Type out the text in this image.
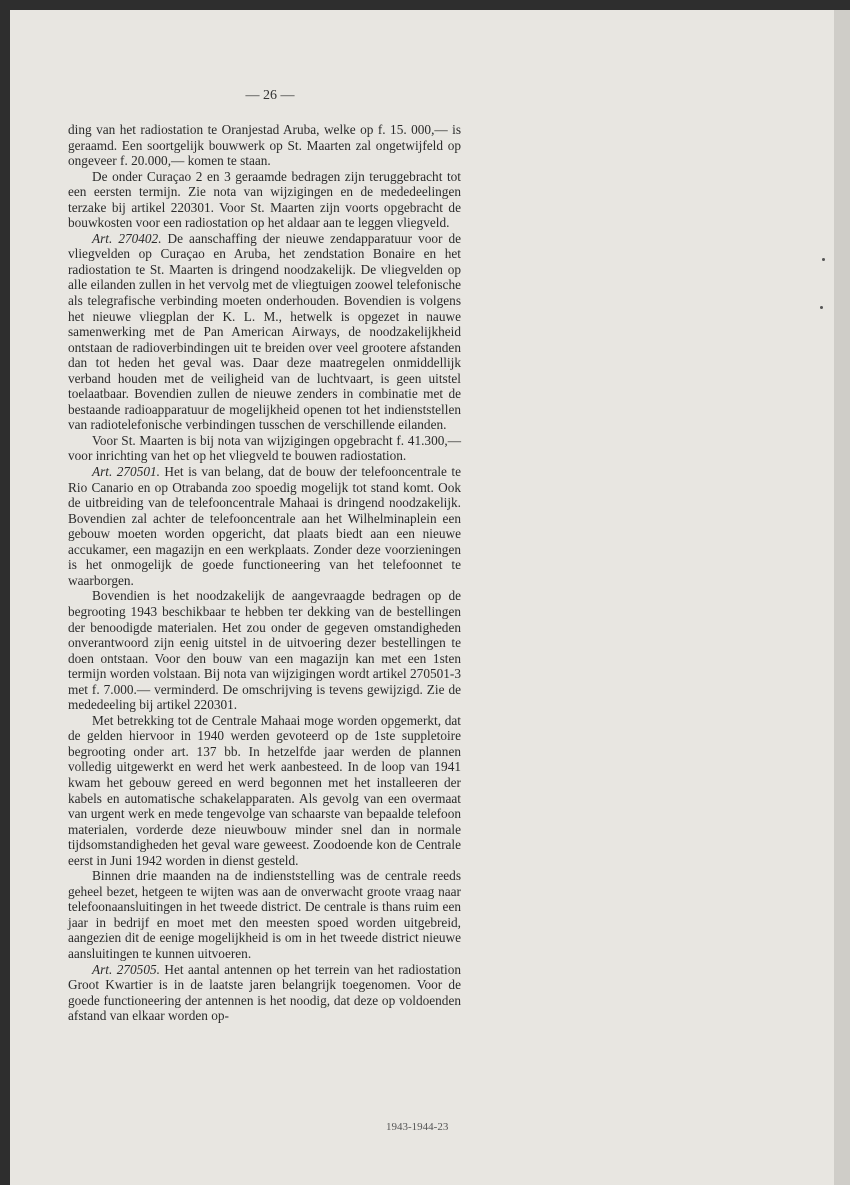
— 26 —

ding van het radiostation te Oranjestad Aruba, welke op f. 15. 000,— is geraamd. Een soortgelijk bouwwerk op St. Maarten zal ongetwijfeld op ongeveer f. 20.000,— komen te staan.

De onder Curaçao 2 en 3 geraamde bedragen zijn teruggebracht tot een eersten termijn. Zie nota van wijzigingen en de mededeelingen terzake bij artikel 220301. Voor St. Maarten zijn voorts opgebracht de bouwkosten voor een radiostation op het aldaar aan te leggen vliegveld.

Art. 270402. De aanschaffing der nieuwe zendapparatuur voor de vliegvelden op Curaçao en Aruba, het zendstation Bonaire en het radiostation te St. Maarten is dringend noodzakelijk. De vliegvelden op alle eilanden zullen in het vervolg met de vliegtuigen zoowel telefonische als telegrafische verbinding moeten onderhouden. Bovendien is volgens het nieuwe vliegplan der K. L. M., hetwelk is opgezet in nauwe samenwerking met de Pan American Airways, de noodzakelijkheid ontstaan de radioverbindingen uit te breiden over veel grootere afstanden dan tot heden het geval was. Daar deze maatregelen onmiddellijk verband houden met de veiligheid van de luchtvaart, is geen uitstel toelaatbaar. Bovendien zullen de nieuwe zenders in combinatie met de bestaande radioapparatuur de mogelijkheid openen tot het indienststellen van radiotelefonische verbindingen tusschen de verschillende eilanden.

Voor St. Maarten is bij nota van wijzigingen opgebracht f. 41.300,— voor inrichting van het op het vliegveld te bouwen radiostation.

Art. 270501. Het is van belang, dat de bouw der telefooncentrale te Rio Canario en op Otrabanda zoo spoedig mogelijk tot stand komt. Ook de uitbreiding van de telefooncentrale Mahaai is dringend noodzakelijk. Bovendien zal achter de telefooncentrale aan het Wilhelminaplein een gebouw moeten worden opgericht, dat plaats biedt aan een nieuwe accukamer, een magazijn en een werkplaats. Zonder deze voorzieningen is het onmogelijk de goede functioneering van het telefoonnet te waarborgen.

Bovendien is het noodzakelijk de aangevraagde bedragen op de begrooting 1943 beschikbaar te hebben ter dekking van de bestellingen der benoodigde materialen. Het zou onder de gegeven omstandigheden onverantwoord zijn eenig uitstel in de uitvoering dezer bestellingen te doen ontstaan. Voor den bouw van een magazijn kan met een 1sten termijn worden volstaan. Bij nota van wijzigingen wordt artikel 270501-3 met f. 7.000.— verminderd. De omschrijving is tevens gewijzigd. Zie de mededeeling bij artikel 220301.

Met betrekking tot de Centrale Mahaai moge worden opgemerkt, dat de gelden hiervoor in 1940 werden gevoteerd op de 1ste suppletoire begrooting onder art. 137 bb. In hetzelfde jaar werden de plannen volledig uitgewerkt en werd het werk aanbesteed. In de loop van 1941 kwam het gebouw gereed en werd begonnen met het installeeren der kabels en automatische schakelapparaten. Als gevolg van een overmaat van urgent werk en mede tengevolge van schaarste van bepaalde telefoon materialen, vorderde deze nieuwbouw minder snel dan in normale tijdsomstandigheden het geval ware geweest. Zoodoende kon de Centrale eerst in Juni 1942 worden in dienst gesteld.

Binnen drie maanden na de indienststelling was de centrale reeds geheel bezet, hetgeen te wijten was aan de onverwacht groote vraag naar telefoonaansluitingen in het tweede district. De centrale is thans ruim een jaar in bedrijf en moet met den meesten spoed worden uitgebreid, aangezien dit de eenige mogelijkheid is om in het tweede district nieuwe aansluitingen te kunnen uitvoeren.

Art. 270505. Het aantal antennen op het terrein van het radiostation Groot Kwartier is in de laatste jaren belangrijk toegenomen. Voor de goede functioneering der antennen is het noodig, dat deze op voldoenden afstand van elkaar worden op-

1943-1944-23
